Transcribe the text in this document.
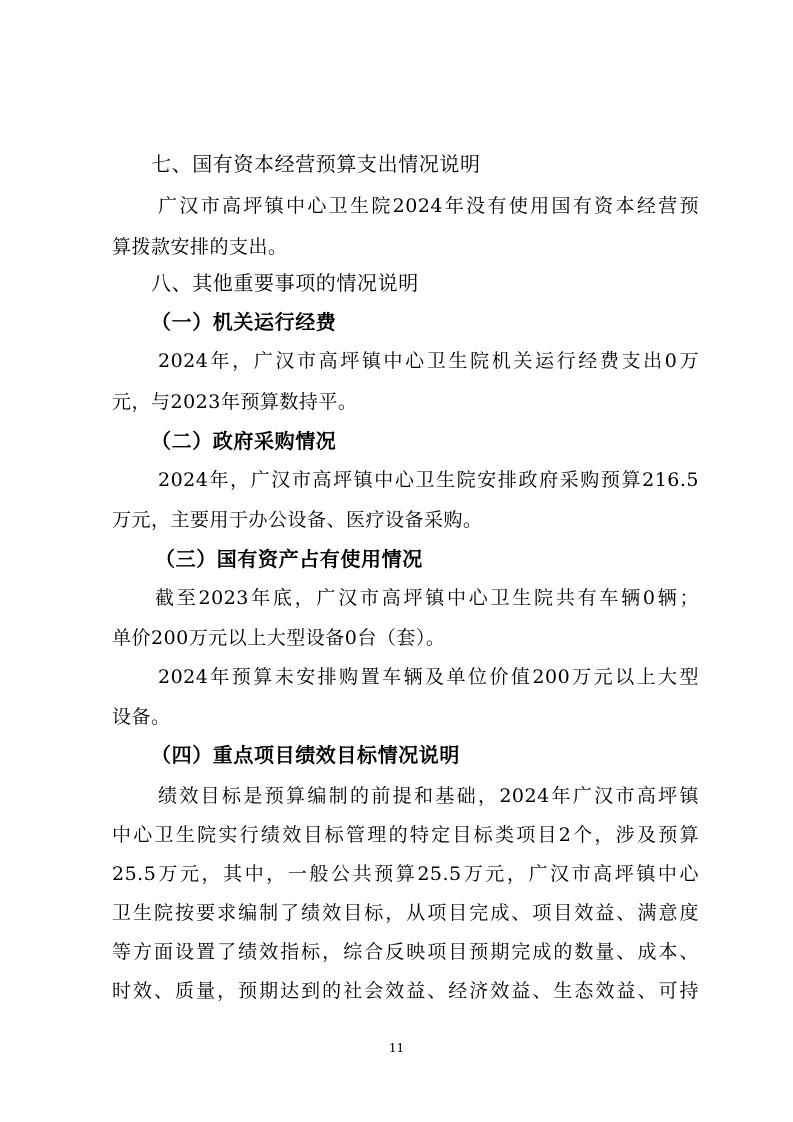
七、国有资本经营预算支出情况说明
广汉市高坪镇中心卫生院2024年没有使用国有资本经营预
算拨款安排的支出。
八、其他重要事项的情况说明
（一）机关运行经费
2024年，广汉市高坪镇中心卫生院机关运行经费支出0万
元，与2023年预算数持平。
（二）政府采购情况
2024年，广汉市高坪镇中心卫生院安排政府采购预算216.5
万元，主要用于办公设备、医疗设备采购。
（三）国有资产占有使用情况
截至2023年底，广汉市高坪镇中心卫生院共有车辆0辆；
单价200万元以上大型设备0台（套）。
2024年预算未安排购置车辆及单位价值200万元以上大型
设备。
（四）重点项目绩效目标情况说明
绩效目标是预算编制的前提和基础，2024年广汉市高坪镇
中心卫生院实行绩效目标管理的特定目标类项目2个，涉及预算
25.5万元，其中，一般公共预算25.5万元，广汉市高坪镇中心
卫生院按要求编制了绩效目标，从项目完成、项目效益、满意度
等方面设置了绩效指标，综合反映项目预期完成的数量、成本、
时效、质量，预期达到的社会效益、经济效益、生态效益、可持
11
